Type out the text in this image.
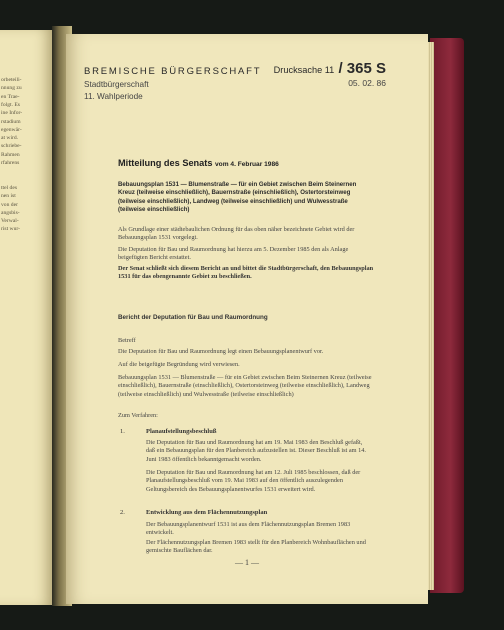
orbeteili-
nnung zu
en Trae-
folgt. Es
ine Infor-
rstadium
egenwär-
at wird.
schriebe-
Rahmen
rfahrens
ttel des
nen ist
von der
angsbis-
Verwal-
rist wur-
BREMISCHE BÜRGERSCHAFT
Stadtbürgerschaft
11. Wahlperiode
Drucksache 11 / 365 S
05. 02. 86
Mitteilung des Senats vom 4. Februar 1986
Bebauungsplan 1531 — Blumenstraße — für ein Gebiet zwischen Beim Steinernen Kreuz (teilweise einschließlich), Bauernstraße (einschließlich), Ostertorsteinweg (teilweise einschließlich), Landweg (teilweise einschließlich) und Wulwesstraße (teilweise einschließlich)
Als Grundlage einer städtebaulichen Ordnung für das oben näher bezeichnete Gebiet wird der Bebauungsplan 1531 vorgelegt.
Die Deputation für Bau und Raumordnung hat hierzu am 5. Dezember 1985 den als Anlage beigefügten Bericht erstattet.
Der Senat schließt sich diesem Bericht an und bittet die Stadtbürgerschaft, den Bebauungsplan 1531 für das obengenannte Gebiet zu beschließen.
Bericht der Deputation für Bau und Raumordnung
Betreff
Die Deputation für Bau und Raumordnung legt einen Bebauungsplanentwurf vor.
Auf die beigefügte Begründung wird verwiesen.
Bebauungsplan 1531 — Blumenstraße — für ein Gebiet zwischen Beim Steinernen Kreuz (teilweise einschließlich), Bauernstraße (einschließlich), Ostertorsteinweg (teilweise einschließlich), Landweg (teilweise einschließlich) und Wulwesstraße (teilweise einschließlich)
Zum Verfahren:
1.	Planaufstellungsbeschluß
Die Deputation für Bau und Raumordnung hat am 19. Mai 1983 den Beschluß gefaßt, daß ein Bebauungsplan für den Planbereich aufzustellen ist. Dieser Beschluß ist am 14. Juni 1983 öffentlich bekanntgemacht worden.
Die Deputation für Bau und Raumordnung hat am 12. Juli 1985 beschlossen, daß der Planaufstellungsbeschluß vom 19. Mai 1983 auf den öffentlich auszulegenden Geltungsbereich des Bebauungsplanentwurfes 1531 erweitert wird.
2.	Entwicklung aus dem Flächennutzungsplan
Der Bebauungsplanentwurf 1531 ist aus dem Flächennutzungsplan Bremen 1983 entwickelt.
Der Flächennutzungsplan Bremen 1983 stellt für den Planbereich Wohnbauflächen und gemischte Bauflächen dar.
— 1 —
